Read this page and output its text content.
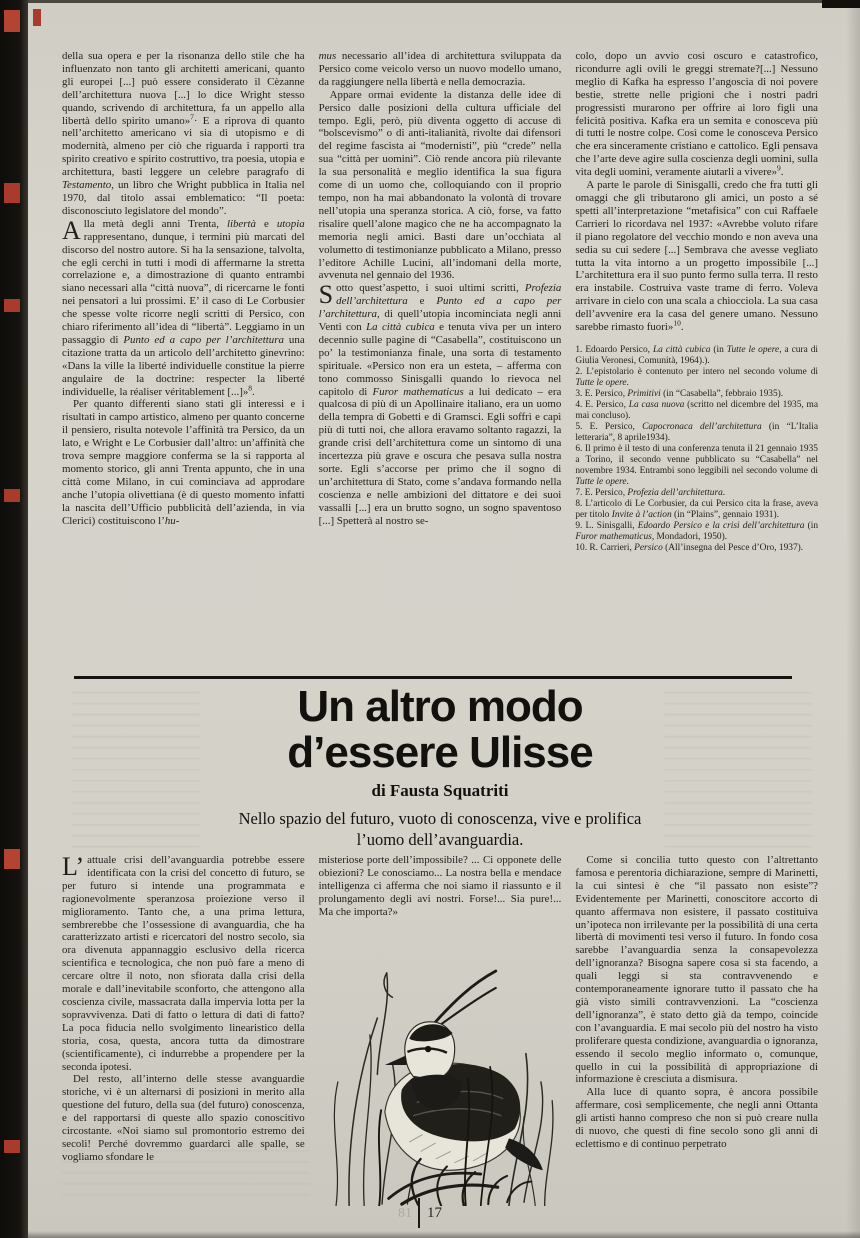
della sua opera e per la risonanza dello stile che ha influenzato non tanto gli architetti americani, quanto gli europei [...] può essere considerato il Cèzanne dell’architettura nuova [...] lo dice Wright stesso quando, scrivendo di architettura, fa un appello alla libertà dello spirito umano»$^7$· E a riprova di quanto nell’architetto americano vi sia di utopismo e di modernità, almeno per ciò che riguarda i rapporti tra spirito creativo e spirito costruttivo, tra poesia, utopia e architettura, basti leggere un celebre paragrafo di Testamento, un libro che Wright pubblica in Italia nel 1970, dal titolo assai emblematico: “Il poeta: disconosciuto legislatore del mondo”.

Alla metà degli anni Trenta, libertà e utopia rappresentano, dunque, i termini più marcati del discorso del nostro autore. Si ha la sensazione, talvolta, che egli cerchi in tutti i modi di affermarne la stretta correlazione e, a dimostrazione di quanto entrambi siano necessari alla “città nuova”, di ricercarne le fonti nei pensatori a lui prossimi. E’ il caso di Le Corbusier che spesse volte ricorre negli scritti di Persico, con chiaro riferimento all’idea di “libertà”. Leggiamo in un passaggio di Punto ed a capo per l’architettura una citazione tratta da un articolo dell’architetto ginevrino: «Dans la ville la liberté individuelle constitue la pierre angulaire de la doctrine: respecter la liberté individuelle, la réaliser véritablement [...]»$^8$.

Per quanto differenti siano stati gli interessi e i risultati in campo artistico, almeno per quanto concerne il pensiero, risulta notevole l’affinità tra Persico, da un lato, e Wright e Le Corbusier dall’altro: un’affinità che trova sempre maggiore conferma se la si rapporta al momento storico, gli anni Trenta appunto, che in una città come Milano, in cui cominciava ad approdare anche l’utopia olivettiana (è di questo momento infatti la nascita dell’Ufficio pubblicità dell’azienda, in via Clerici) costituiscono l’hu-

mus necessario all’idea di architettura sviluppata da Persico come veicolo verso un nuovo modello umano, da raggiungere nella libertà e nella democrazia.

Appare ormai evidente la distanza delle idee di Persico dalle posizioni della cultura ufficiale del tempo. Egli, però, più diventa oggetto di accuse di “bolscevismo” o di anti-italianità, rivolte dai difensori del regime fascista ai “modernisti”, più “crede” nella sua “città per uomini”. Ciò rende ancora più rilevante la sua personalità e meglio identifica la sua figura come di un uomo che, colloquiando con il proprio tempo, non ha mai abbandonato la volontà di trovare nell’utopia una speranza storica. A ciò, forse, va fatto risalire quell’alone magico che ne ha accompagnato la memoria negli amici. Basti dare un’occhiata al volumetto di testimonianze pubblicato a Milano, presso l’editore Achille Lucini, all’indomani della morte, avvenuta nel gennaio del 1936.

Sotto quest’aspetto, i suoi ultimi scritti, Profezia dell’architettura e Punto ed a capo per l’architettura, di quell’utopia incominciata negli anni Venti con La città cubica e tenuta viva per un intero decennio sulle pagine di “Casabella”, costituiscono un po’ la testimonianza finale, una sorta di testamento spirituale. «Persico non era un esteta, – afferma con tono commosso Sinisgalli quando lo rievoca nel capitolo di Furor mathematicus a lui dedicato – era qualcosa di più di un Apollinaire italiano, era un uomo della tempra di Gobetti e di Gramsci. Egli soffrì e capì più di tutti noi, che allora eravamo soltanto ragazzi, la grande crisi dell’architettura come un sintomo di una incertezza più grave e oscura che pesava sulla nostra sorte. Egli s’accorse per primo che il sogno di un’architettura di Stato, come s’andava formando nella coscienza e nelle ambizioni del dittatore e dei suoi vassalli [...] era un brutto sogno, un sogno spaventoso [...] Spetterà al nostro se-

colo, dopo un avvio così oscuro e catastrofico, ricondurre agli ovili le greggi stremate?[...] Nessuno meglio di Kafka ha espresso l’angoscia di noi povere bestie, strette nelle prigioni che i nostri padri progressisti murarono per offrire ai loro figli una felicità positiva. Kafka era un semita e conosceva più di tutti le nostre colpe. Così come le conosceva Persico che era sinceramente cristiano e cattolico. Egli pensava che l’arte deve agire sulla coscienza degli uomini, sulla vita degli uomini, veramente aiutarli a vivere»$^9$.

A parte le parole di Sinisgalli, credo che fra tutti gli omaggi che gli tributarono gli amici, un posto a sé spetti all’interpretazione “metafisica” con cui Raffaele Carrieri lo ricordava nel 1937: «Avrebbe voluto rifare il piano regolatore del vecchio mondo e non aveva una sedia su cui sedere [...] Sembrava che avesse vegliato tutta la vita intorno a un progetto impossibile [...] L’architettura era il suo punto fermo sulla terra. Il resto era instabile. Costruiva vaste trame di ferro. Voleva arrivare in cielo con una scala a chiocciola. La sua casa dell’avvenire era la casa del genere umano. Nessuno sarebbe rimasto fuori»$^{10}$.

1. Edoardo Persico, La città cubica (in Tutte le opere, a cura di Giulia Veronesi, Comunità, 1964).).

2. L’epistolario è contenuto per intero nel secondo volume di Tutte le opere.

3. E. Persico, Primitivi (in “Casabella”, febbraio 1935).

4. E. Persico, La casa nuova (scritto nel dicembre del 1935, ma mai concluso).

5. E. Persico, Capocronaca dell’architettura (in “L’Italia letteraria”, 8 aprile1934).

6. Il primo è il testo di una conferenza tenuta il 21 gennaio 1935 a Torino, il secondo venne pubblicato su “Casabella” nel novembre 1934. Entrambi sono leggibili nel secondo volume di Tutte le opere.

7. E. Persico, Profezia dell’architettura.

8. L’articolo di Le Corbusier, da cui Persico cita la frase, aveva per titolo Invite à l’action (in “Plains”, gennaio 1931).

9. L. Sinisgalli, Edoardo Persico e la crisi dell’architettura (in Furor mathematicus, Mondadori, 1950).

10. R. Carrieri, Persico (All’insegna del Pesce d’Oro, 1937).

Un altro modo
d’essere Ulisse
di Fausta Squatriti
Nello spazio del futuro, vuoto di conoscenza, vive e prolifica
l’uomo dell’avanguardia.

L’ attuale crisi dell’avanguardia potrebbe essere identificata con la crisi del concetto di futuro, se per futuro si intende una programmata e ragionevolmente speranzosa proiezione verso il miglioramento. Tanto che, a una prima lettura, sembrerebbe che l’ossessione di avanguardia, che ha caratterizzato artisti e ricercatori del nostro secolo, sia ora divenuta appannaggio esclusivo della ricerca scientifica e tecnologica, che non può fare a meno di cercare oltre il noto, non sfiorata dalla crisi della morale e dall’inevitabile sconforto, che attengono alla coscienza civile, massacrata dalla impervia lotta per la sopravvivenza. Dati di fatto o lettura di dati di fatto? La poca fiducia nello svolgimento linearistico della storia, cosa, questa, ancora tutta da dimostrare (scientificamente), ci indurrebbe a propendere per la seconda ipotesi.

Del resto, all’interno delle stesse avanguardie storiche, vi è un alternarsi di posizioni in merito alla questione del futuro, della sua (del futuro) conoscenza, e del rapportarsi di queste allo spazio conoscitivo circostante. «Noi siamo sul promontorio estremo dei secoli! Perché dovremmo guardarci alle spalle, se vogliamo sfondare le

misteriose porte dell’impossibile? ... Ci opponete delle obiezioni? Le conosciamo... La nostra bella e mendace intelligenza ci afferma che noi siamo il riassunto e il prolungamento degli avi nostri. Forse!... Sia pure!... Ma che importa?»

Come si concilia tutto questo con l’altrettanto famosa e perentoria dichiarazione, sempre di Marinetti, la cui sintesi è che “il passato non esiste”? Evidentemente per Marinetti, conoscitore accorto di quanto affermava non esistere, il passato costituiva un’ipoteca non irrilevante per la possibilità di una certa libertà di movimenti tesi verso il futuro. In fondo cosa sarebbe l’avanguardia senza la consapevolezza dell’ignoranza? Bisogna sapere cosa si sta facendo, a quali leggi si sta contravvenendo e contemporaneamente ignorare tutto il passato che ha già visto simili contravvenzioni. La “coscienza dell’ignoranza”, è stato detto già da tempo, coincide con l’avanguardia. E mai secolo più del nostro ha visto proliferare questa condizione, avanguardia o ignoranza, essendo il secolo meglio informato o, comunque, quello in cui la possibilità di appropriazione di informazione è cresciuta a dismisura.

Alla luce di quanto sopra, è ancora possibile affermare, così semplicemente, che negli anni Ottanta gli artisti hanno compreso che non si può creare nulla di nuovo, che questi di fine secolo sono gli anni di eclettismo e di continuo perpetrato

81 17
